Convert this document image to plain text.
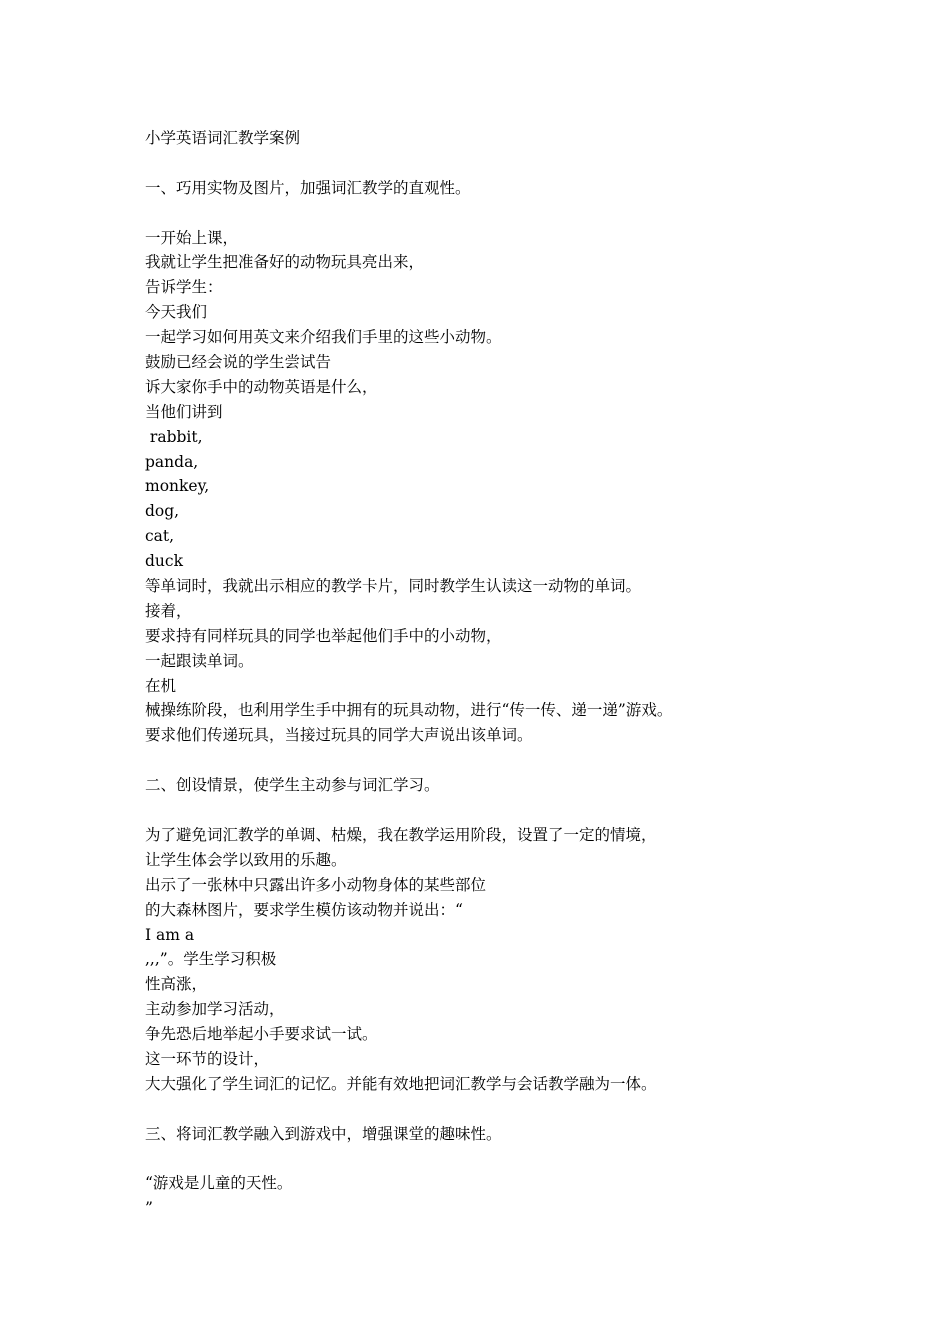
小学英语词汇教学案例
一、巧用实物及图片，加强词汇教学的直观性。
一开始上课，
我就让学生把准备好的动物玩具亮出来，
告诉学生：
今天我们
一起学习如何用英文来介绍我们手里的这些小动物。
鼓励已经会说的学生尝试告
诉大家你手中的动物英语是什么，
当他们讲到
rabbit,
panda,
monkey,
dog,
cat,
duck
等单词时，我就出示相应的教学卡片，同时教学生认读这一动物的单词。
接着，
要求持有同样玩具的同学也举起他们手中的小动物，
一起跟读单词。
在机
械操练阶段，也利用学生手中拥有的玩具动物，进行“传一传、递一递”游戏。
要求他们传递玩具，当接过玩具的同学大声说出该单词。
二、创设情景，使学生主动参与词汇学习。
为了避免词汇教学的单调、枯燥，我在教学运用阶段，设置了一定的情境，
让学生体会学以致用的乐趣。
出示了一张林中只露出许多小动物身体的某些部位
的大森林图片，要求学生模仿该动物并说出：“
I am a
,,,”。学生学习积极
性高涨，
主动参加学习活动，
争先恐后地举起小手要求试一试。
这一环节的设计，
大大强化了学生词汇的记忆。并能有效地把词汇教学与会话教学融为一体。
三、将词汇教学融入到游戏中，增强课堂的趣味性。
“游戏是儿童的天性。
”
